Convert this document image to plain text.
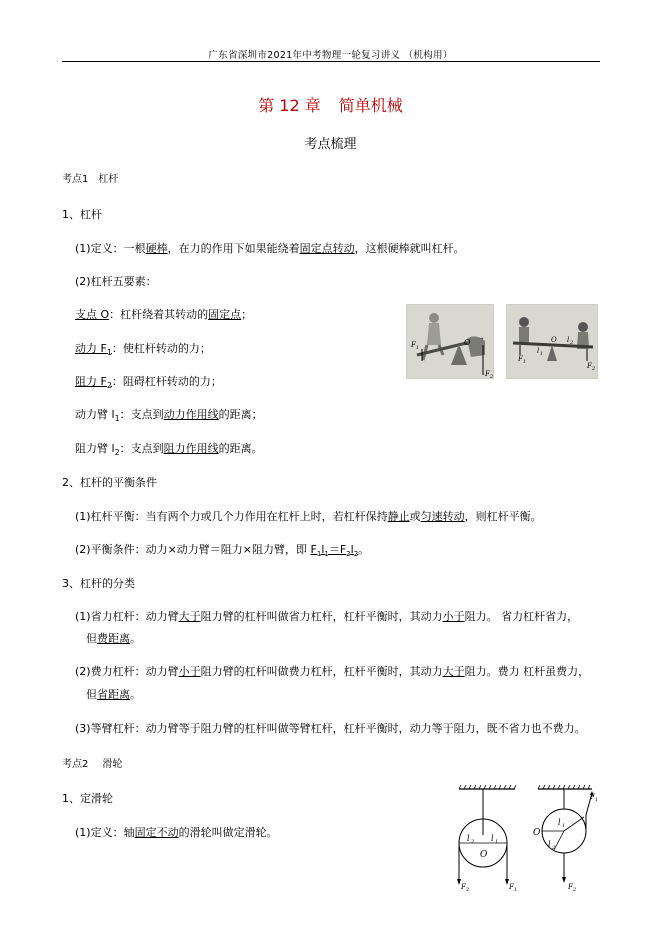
广东省深圳市2021年中考物理一轮复习讲义 （机构用）
第 12 章 简单机械
考点梳理
考点1 杠杆
1、杠杆
(1)定义：一根硬棒，在力的作用下如果能绕着固定点转动，这根硬棒就叫杠杆。
(2)杠杆五要素：
支点 O：杠杆绕着其转动的固定点；
动力 $F_1$：使杠杆转动的力；
阻力 $F_2$：阻碍杠杆转动的力；
动力臂 $l_1$：支点到动力作用线的距离；
阻力臂 $l_2$：支点到阻力作用线的距离。
O
F 1
F 2
O
l 1
l 2
F 1	F 2
2、杠杆的平衡条件
(1)杠杆平衡：当有两个力或几个力作用在杠杆上时，若杠杆保持静止或匀速转动，则杠杆平衡。
(2)平衡条件：动力×动力臂＝阻力×阻力臂，即 $F_1l_1=F_2l_2$。
3、杠杆的分类
(1)省力杠杆：动力臂大于阻力臂的杠杆叫做省力杠杆，杠杆平衡时，其动力小于阻力。 省力杠杆省力，
但费距离。
(2)费力杠杆：动力臂小于阻力臂的杠杆叫做费力杠杆，杠杆平衡时，其动力大于阻力。费力 杠杆虽费力，
但省距离。
(3)等臂杠杆：动力臂等于阻力臂的杠杆叫做等臂杠杆，杠杆平衡时，动力等于阻力，既不省力也不费力。
考点2 滑轮
1、定滑轮
(1)定义：轴固定不动的滑轮叫做定滑轮。	l 2 l 1
O
F 2	F 1
O
l 1
l 2
F 1
F 2
